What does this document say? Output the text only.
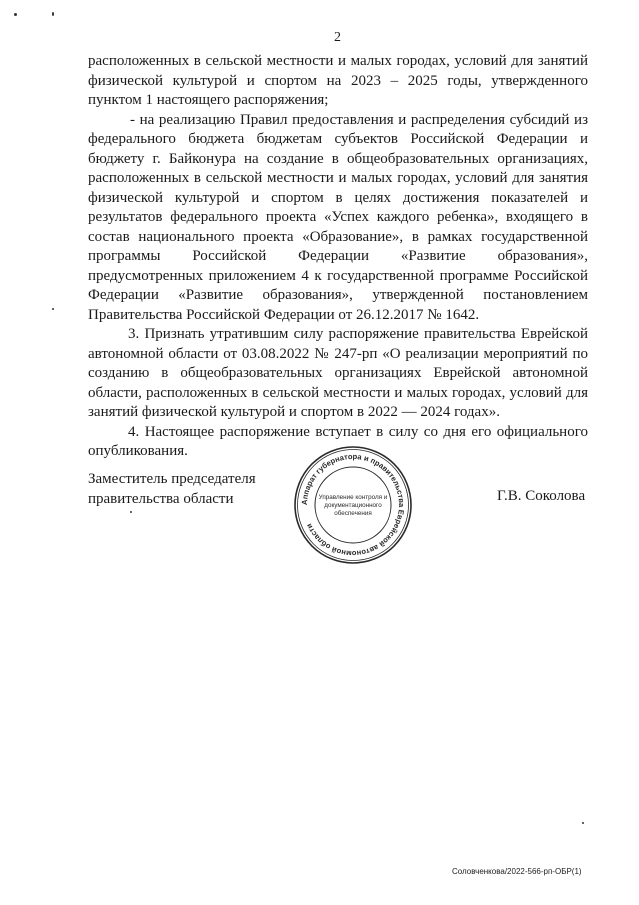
2

расположенных в сельской местности и малых городах, условий для занятий физической культурой и спортом на 2023 – 2025 годы, утвержденного пунктом 1 настоящего распоряжения;

- на реализацию Правил предоставления и распределения субсидий из федерального бюджета бюджетам субъектов Российской Федерации и бюджету г. Байконура на создание в общеобразовательных организациях, расположенных в сельской местности и малых городах, условий для занятия физической культурой и спортом в целях достижения показателей и результатов федерального проекта «Успех каждого ребенка», входящего в состав национального проекта «Образование», в рамках государственной программы Российской Федерации «Развитие образования», предусмотренных приложением 4 к государственной программе Российской Федерации «Развитие образования», утвержденной постановлением Правительства Российской Федерации от 26.12.2017 № 1642.

3. Признать утратившим силу распоряжение правительства Еврейской автономной области от 03.08.2022 № 247-рп «О реализации мероприятий по созданию в общеобразовательных организациях Еврейской автономной области, расположенных в сельской местности и малых городах, условий для занятий физической культурой и спортом в 2022 — 2024 годах».

4. Настоящее распоряжение вступает в силу со дня его официального опубликования.

Заместитель председателя
правительства области	Аппарат губернатора и правительства Еврейской автономной области
Управление контроля и
документационного
обеспечения
Г.В. Соколова
Соловченкова/2022-566-рп-ОБР(1)
